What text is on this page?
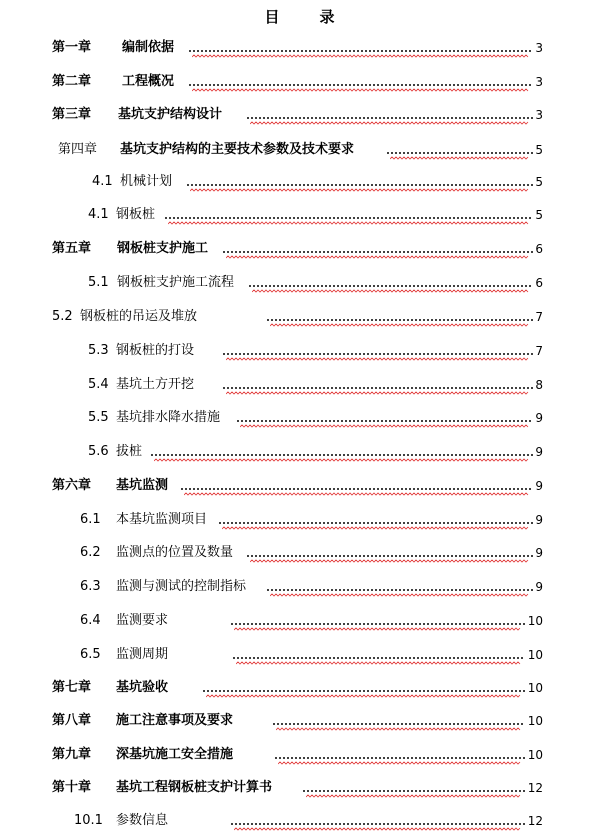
目	录
第一章 编制依据	3
第二章 工程概况	3
第三章 基坑支护结构设计	3
第四章 基坑支护结构的主要技术参数及技术要求	5
4.1 机械计划	5
4.1 钢板桩	5
第五章 钢板桩支护施工	6
5.1 钢板桩支护施工流程	6
5.2 钢板桩的吊运及堆放	7
5.3 钢板桩的打设	7
5.4 基坑土方开挖	8
5.5 基坑排水降水措施	9
5.6 拔桩	9
第六章 基坑监测	9
6.1 本基坑监测项目	9
6.2 监测点的位置及数量	9
6.3 监测与测试的控制指标	9
6.4 监测要求	10
6.5 监测周期	10
第七章 基坑验收	10
第八章 施工注意事项及要求	10
第九章 深基坑施工安全措施	10
第十章 基坑工程钢板桩支护计算书	12
10.1 参数信息	12
